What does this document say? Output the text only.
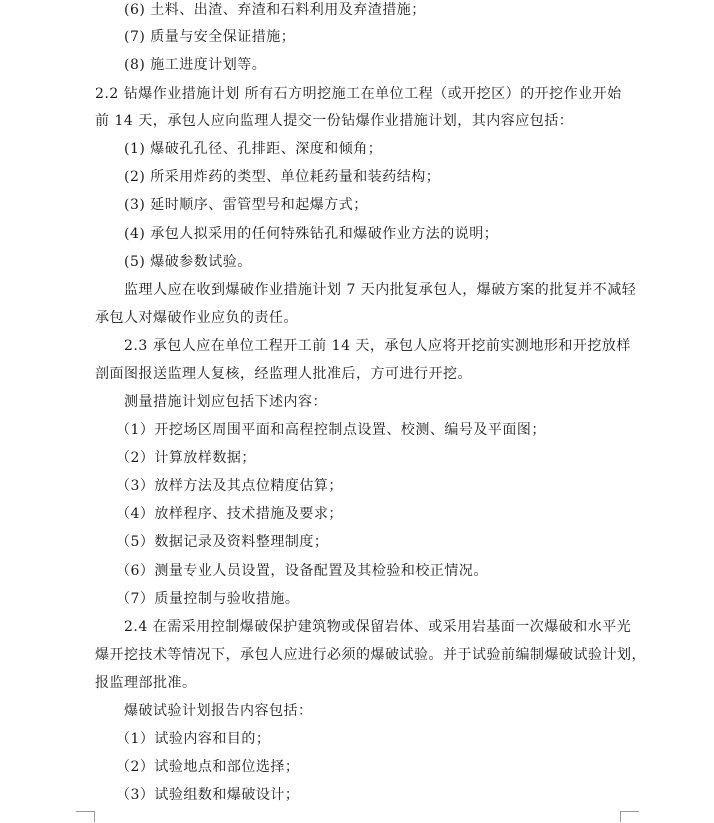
(6) 土料、出渣、弃渣和石料利用及弃渣措施；
(7) 质量与安全保证措施；
(8) 施工进度计划等。
2.2 钻爆作业措施计划 所有石方明挖施工在单位工程（或开挖区）的开挖作业开始
前 14 天，承包人应向监理人提交一份钻爆作业措施计划，其内容应包括：
(1) 爆破孔孔径、孔排距、深度和倾角；
(2) 所采用炸药的类型、单位耗药量和装药结构；
(3) 延时顺序、雷管型号和起爆方式；
(4) 承包人拟采用的任何特殊钻孔和爆破作业方法的说明；
(5) 爆破参数试验。
监理人应在收到爆破作业措施计划 7 天内批复承包人，爆破方案的批复并不减轻
承包人对爆破作业应负的责任。
2.3 承包人应在单位工程开工前 14 天，承包人应将开挖前实测地形和开挖放样
剖面图报送监理人复核，经监理人批准后，方可进行开挖。
测量措施计划应包括下述内容：
（1）开挖场区周围平面和高程控制点设置、校测、编号及平面图；
（2）计算放样数据；
（3）放样方法及其点位精度估算；
（4）放样程序、技术措施及要求；
（5）数据记录及资料整理制度；
（6）测量专业人员设置，设备配置及其检验和校正情况。
（7）质量控制与验收措施。
2.4 在需采用控制爆破保护建筑物或保留岩体、或采用岩基面一次爆破和水平光
爆开挖技术等情况下，承包人应进行必须的爆破试验。并于试验前编制爆破试验计划，
报监理部批准。
爆破试验计划报告内容包括：
（1）试验内容和目的；
（2）试验地点和部位选择；
（3）试验组数和爆破设计；
